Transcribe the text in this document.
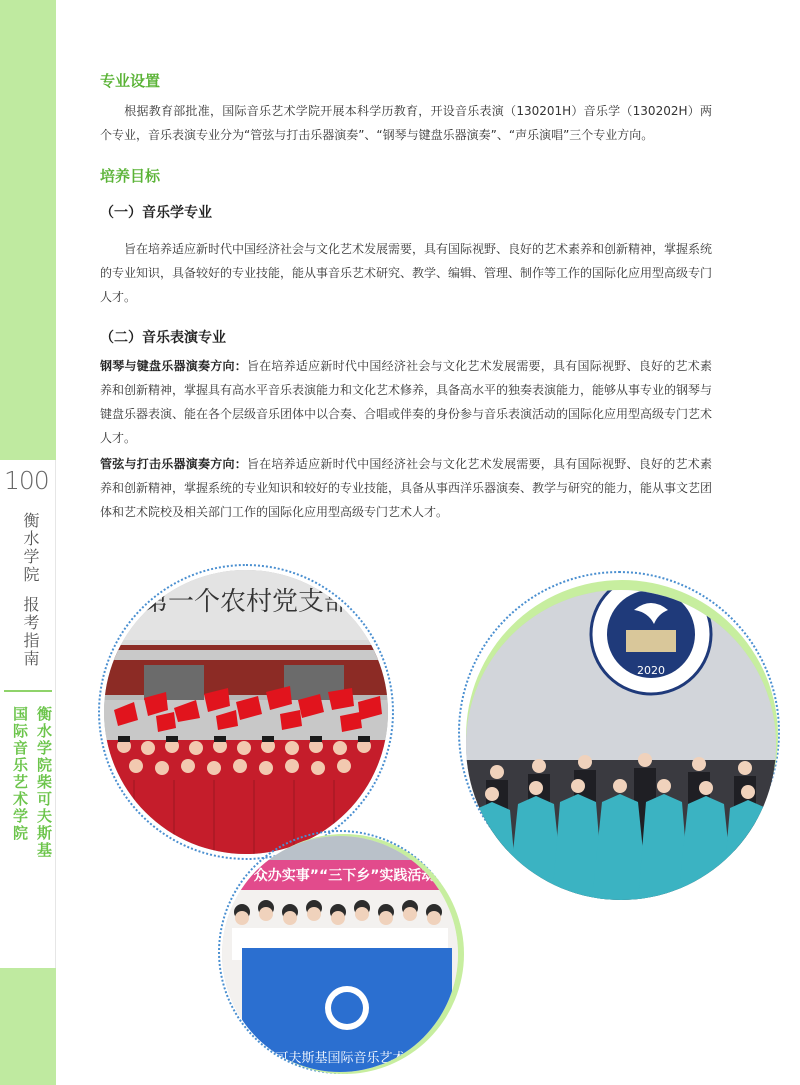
100
衡水学院
报考指南
衡水学院柴可夫斯基
国际音乐艺术学院
专业设置

根据教育部批准，国际音乐艺术学院开展本科学历教育，开设音乐表演（130201H）音乐学（130202H）两个专业，音乐表演专业分为“管弦与打击乐器演奏”、“钢琴与键盘乐器演奏”、“声乐演唱”三个专业方向。

培养目标
（一）音乐学专业

旨在培养适应新时代中国经济社会与文化艺术发展需要，具有国际视野、良好的艺术素养和创新精神，掌握系统的专业知识，具备较好的专业技能，能从事音乐艺术研究、教学、编辑、管理、制作等工作的国际化应用型高级专门人才。

（二）音乐表演专业

钢琴与键盘乐器演奏方向：旨在培养适应新时代中国经济社会与文化艺术发展需要，具有国际视野、良好的艺术素养和创新精神，掌握具有高水平音乐表演能力和文化艺术修养，具备高水平的独奏表演能力，能够从事专业的钢琴与键盘乐器表演、能在各个层级音乐团体中以合奏、合唱或伴奏的身份参与音乐表演活动的国际化应用型高级专门艺术人才。

管弦与打击乐器演奏方向：旨在培养适应新时代中国经济社会与文化艺术发展需要，具有国际视野、良好的艺术素养和创新精神，掌握系统的专业知识和较好的专业技能，具备从事西洋乐器演奏、教学与研究的能力，能从事文艺团体和艺术院校及相关部门工作的国际化应用型高级专门艺术人才。

第一个农村党支部
2020
“众办实事”“三下乡”实践活动
柴可夫斯基国际音乐艺术学院
